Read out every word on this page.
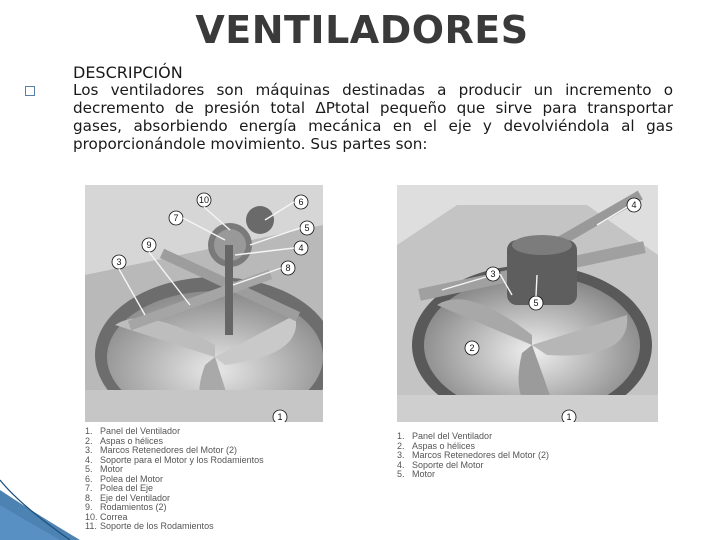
VENTILADORES
DESCRIPCIÓN
Los ventiladores son máquinas destinadas a producir un incremento o decremento de presión total ΔPtotal pequeño que sirve para transportar gases, absorbiendo energía mecánica en el eje y devolviéndola al gas proporcionándole movimiento. Sus partes son:
10
7
9
3
6
5
4
8
1
4
3
5
2
1
1. Panel del Ventilador
2. Aspas o hélices
3. Marcos Retenedores del Motor (2)
4. Soporte para el Motor y los Rodamientos
5. Motor
6. Polea del Motor
7. Polea del Eje
8. Eje del Ventilador
9. Rodamientos (2)
10. Correa
11. Soporte de los Rodamientos
1. Panel del Ventilador
2. Aspas o hélices
3. Marcos Retenedores del Motor (2)
4. Soporte del Motor
5. Motor
